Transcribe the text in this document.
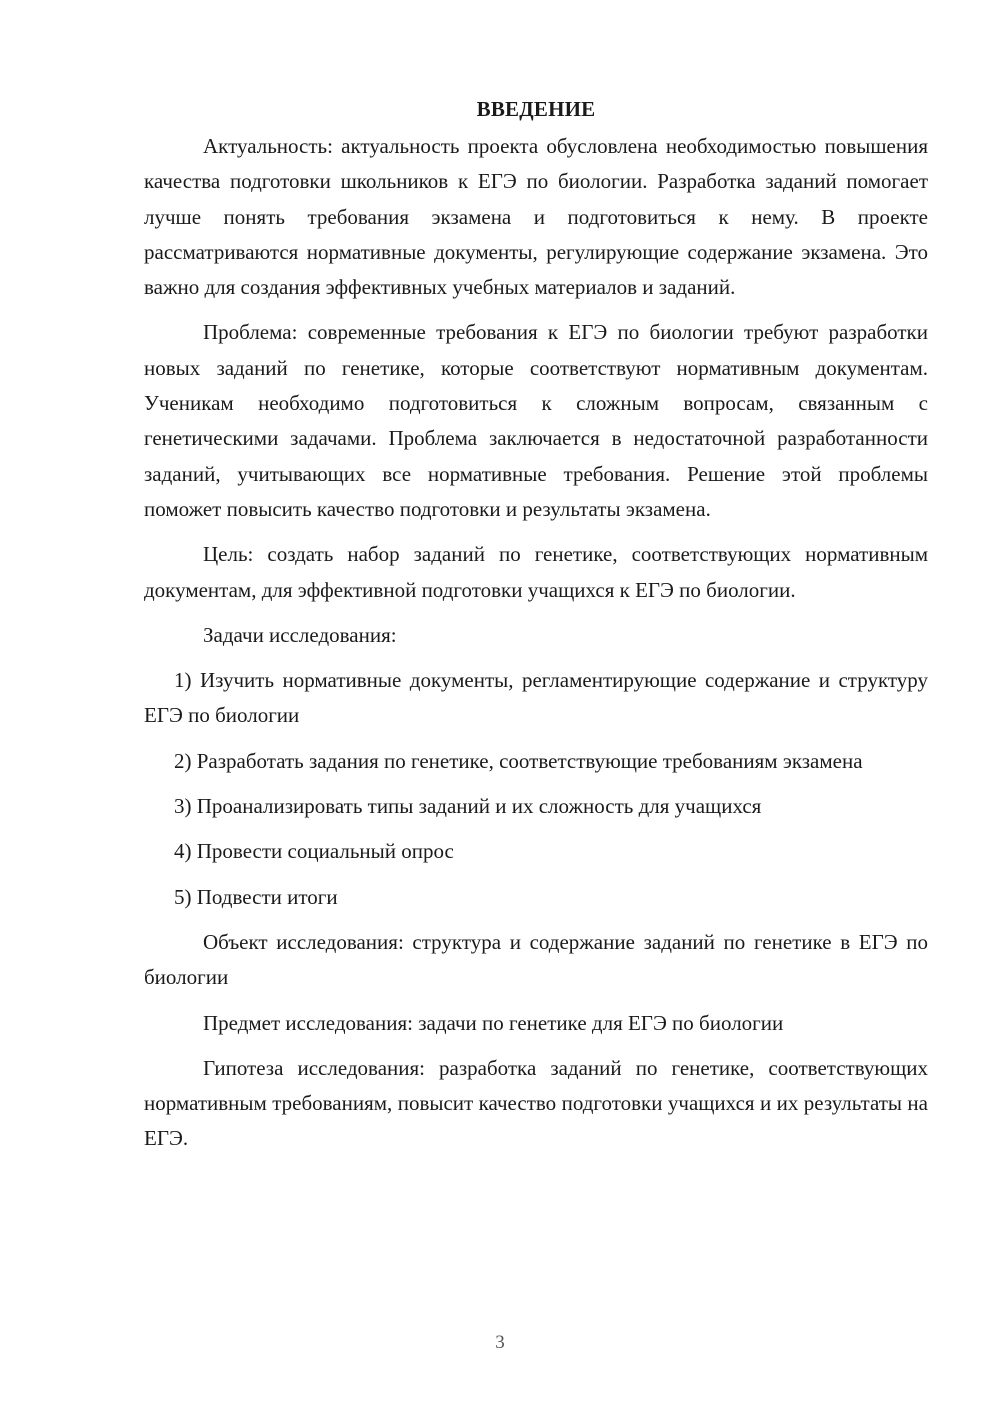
ВВЕДЕНИЕ

Актуальность: актуальность проекта обусловлена необходимостью повышения качества подготовки школьников к ЕГЭ по биологии. Разработка заданий помогает лучше понять требования экзамена и подготовиться к нему. В проекте рассматриваются нормативные документы, регулирующие содержание экзамена. Это важно для создания эффективных учебных материалов и заданий.

Проблема: современные требования к ЕГЭ по биологии требуют разработки новых заданий по генетике, которые соответствуют нормативным документам. Ученикам необходимо подготовиться к сложным вопросам, связанным с генетическими задачами. Проблема заключается в недостаточной разработанности заданий, учитывающих все нормативные требования. Решение этой проблемы поможет повысить качество подготовки и результаты экзамена.

Цель: создать набор заданий по генетике, соответствующих нормативным документам, для эффективной подготовки учащихся к ЕГЭ по биологии.

Задачи исследования:

1) Изучить нормативные документы, регламентирующие содержание и структуру ЕГЭ по биологии

2) Разработать задания по генетике, соответствующие требованиям экзамена

3) Проанализировать типы заданий и их сложность для учащихся

4) Провести социальный опрос

5) Подвести итоги

Объект исследования: структура и содержание заданий по генетике в ЕГЭ по биологии

Предмет исследования: задачи по генетике для ЕГЭ по биологии

Гипотеза исследования: разработка заданий по генетике, соответствующих нормативным требованиям, повысит качество подготовки учащихся и их результаты на ЕГЭ.

3
